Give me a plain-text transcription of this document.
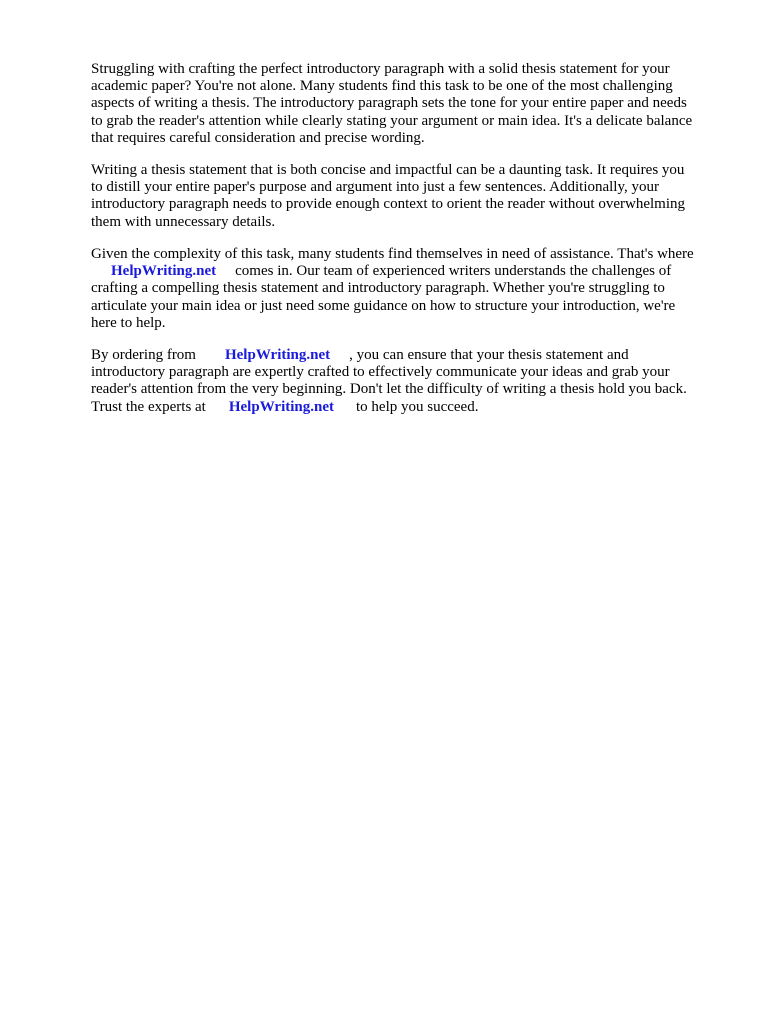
Struggling with crafting the perfect introductory paragraph with a solid thesis statement for your
academic paper? You're not alone. Many students find this task to be one of the most challenging
aspects of writing a thesis. The introductory paragraph sets the tone for your entire paper and needs
to grab the reader's attention while clearly stating your argument or main idea. It's a delicate balance
that requires careful consideration and precise wording.

Writing a thesis statement that is both concise and impactful can be a daunting task. It requires you
to distill your entire paper's purpose and argument into just a few sentences. Additionally, your
introductory paragraph needs to provide enough context to orient the reader without overwhelming
them with unnecessary details.

Given the complexity of this task, many students find themselves in need of assistance. That's where
HelpWriting.net comes in. Our team of experienced writers understands the challenges of
crafting a compelling thesis statement and introductory paragraph. Whether you're struggling to
articulate your main idea or just need some guidance on how to structure your introduction, we're
here to help.

By ordering from HelpWriting.net , you can ensure that your thesis statement and
introductory paragraph are expertly crafted to effectively communicate your ideas and grab your
reader's attention from the very beginning. Don't let the difficulty of writing a thesis hold you back.
Trust the experts at HelpWriting.net to help you succeed.
